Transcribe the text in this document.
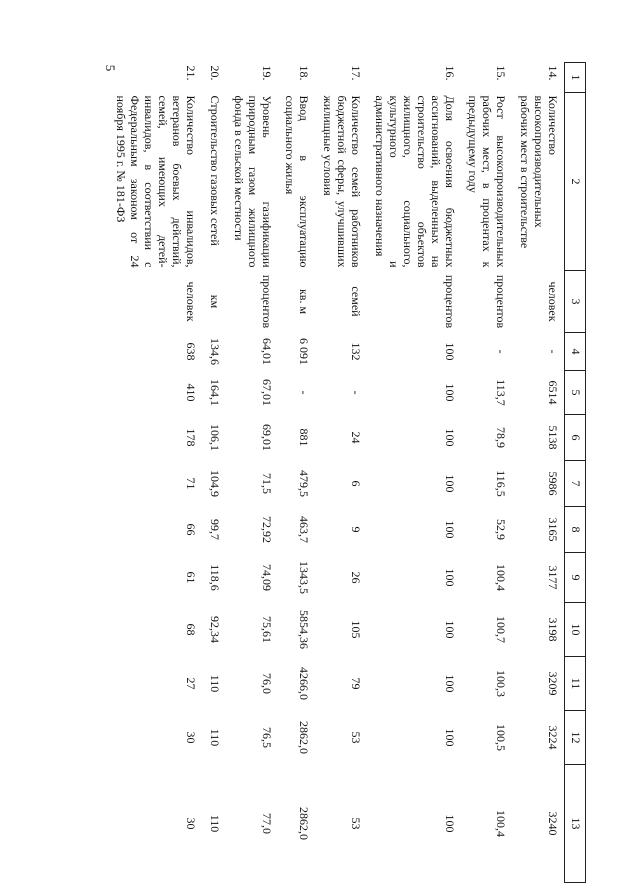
5
1	2	3	4	5	6	7	8	9	10	11	12	13
14.	Количество высокопроизводительных рабочих мест в строительстве	человек	-	6514	5138	5986	3165	3177	3198	3209	3224	3240
15.	Рост высокопроизводительных рабочих мест, в процентах к предыдущему году	процентов	-	113,7	78,9	116,5	52,9	100,4	100,7	100,3	100,5	100,4
16.	Доля освоения бюджетных ассигнований, выделенных на строительство объектов жилищного, социального, культурного и административного назначения	процентов	100	100	100	100	100	100	100	100	100	100
17.	Количество семей работников бюджетной сферы, улучшивших жилищные условия	семей	132	-	24	6	9	26	105	79	53	53
18.	Ввод в эксплуатацию социального жилья	кв. м	6 091	-	881	479,5	463,7	1343,5	5854,36	4266,0	2862,0	2862,0
19.	Уровень газификации природным газом жилищного фонда в сельской местности	процентов	64,01	67,01	69,01	71,5	72,92	74,09	75,61	76,0	76,5	77,0
20.	Строительство газовых сетей	км	134,6	164,1	106,1	104,9	99,7	118,6	92,34	110	110	110
21.	Количество инвалидов, ветеранов боевых действий, семей, имеющих детей-инвалидов, в соответствии с Федеральным законом от 24 ноября 1995 г. № 181-ФЗ	человек	638	410	178	71	66	61	68	27	30	30
